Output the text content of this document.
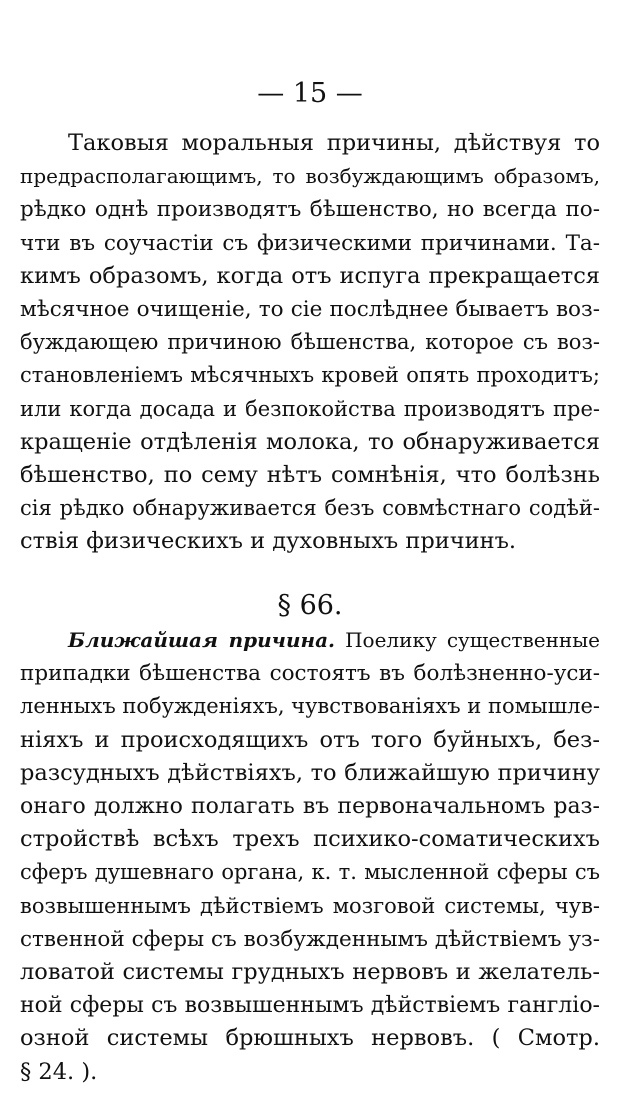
— 15 —
Таковыя моральныя причины, дѣйствуя то
предрасполагающимъ, то возбуждающимъ образомъ,
рѣдко однѣ производятъ бѣшенство, но всегда по-
чти въ соучастіи съ физическими причинами. Та-
кимъ образомъ, когда отъ испуга прекращается
мѣсячное очищеніе, то сіе послѣднее бываетъ воз-
буждающею причиною бѣшенства, которое съ воз-
становленіемъ мѣсячныхъ кровей опять проходитъ;
или когда досада и безпокойства производятъ пре-
кращеніе отдѣленія молока, то обнаруживается
бѣшенство, по сему нѣтъ сомнѣнія, что болѣзнь
сія рѣдко обнаруживается безъ совмѣстнаго содѣй-
ствія физическихъ и духовныхъ причинъ.
§ 66.
Ближайшая причина. Поелику существенные
припадки бѣшенства состоятъ въ болѣзненно-уси-
ленныхъ побужденіяхъ, чувствованіяхъ и помышле-
ніяхъ и происходящихъ отъ того буйныхъ, без-
разсудныхъ дѣйствіяхъ, то ближайшую причину
онаго должно полагать въ первоначальномъ раз-
стройствѣ всѣхъ трехъ психико-соматическихъ
сферъ душевнаго органа, к. т. мысленной сферы съ
возвышеннымъ дѣйствіемъ мозговой системы, чув-
ственной сферы съ возбужденнымъ дѣйствіемъ уз-
ловатой системы грудныхъ нервовъ и желатель-
ной сферы съ возвышеннымъ дѣйствіемъ гангліо-
озной системы брюшныхъ нервовъ. ( Смотр.
§ 24. ).
